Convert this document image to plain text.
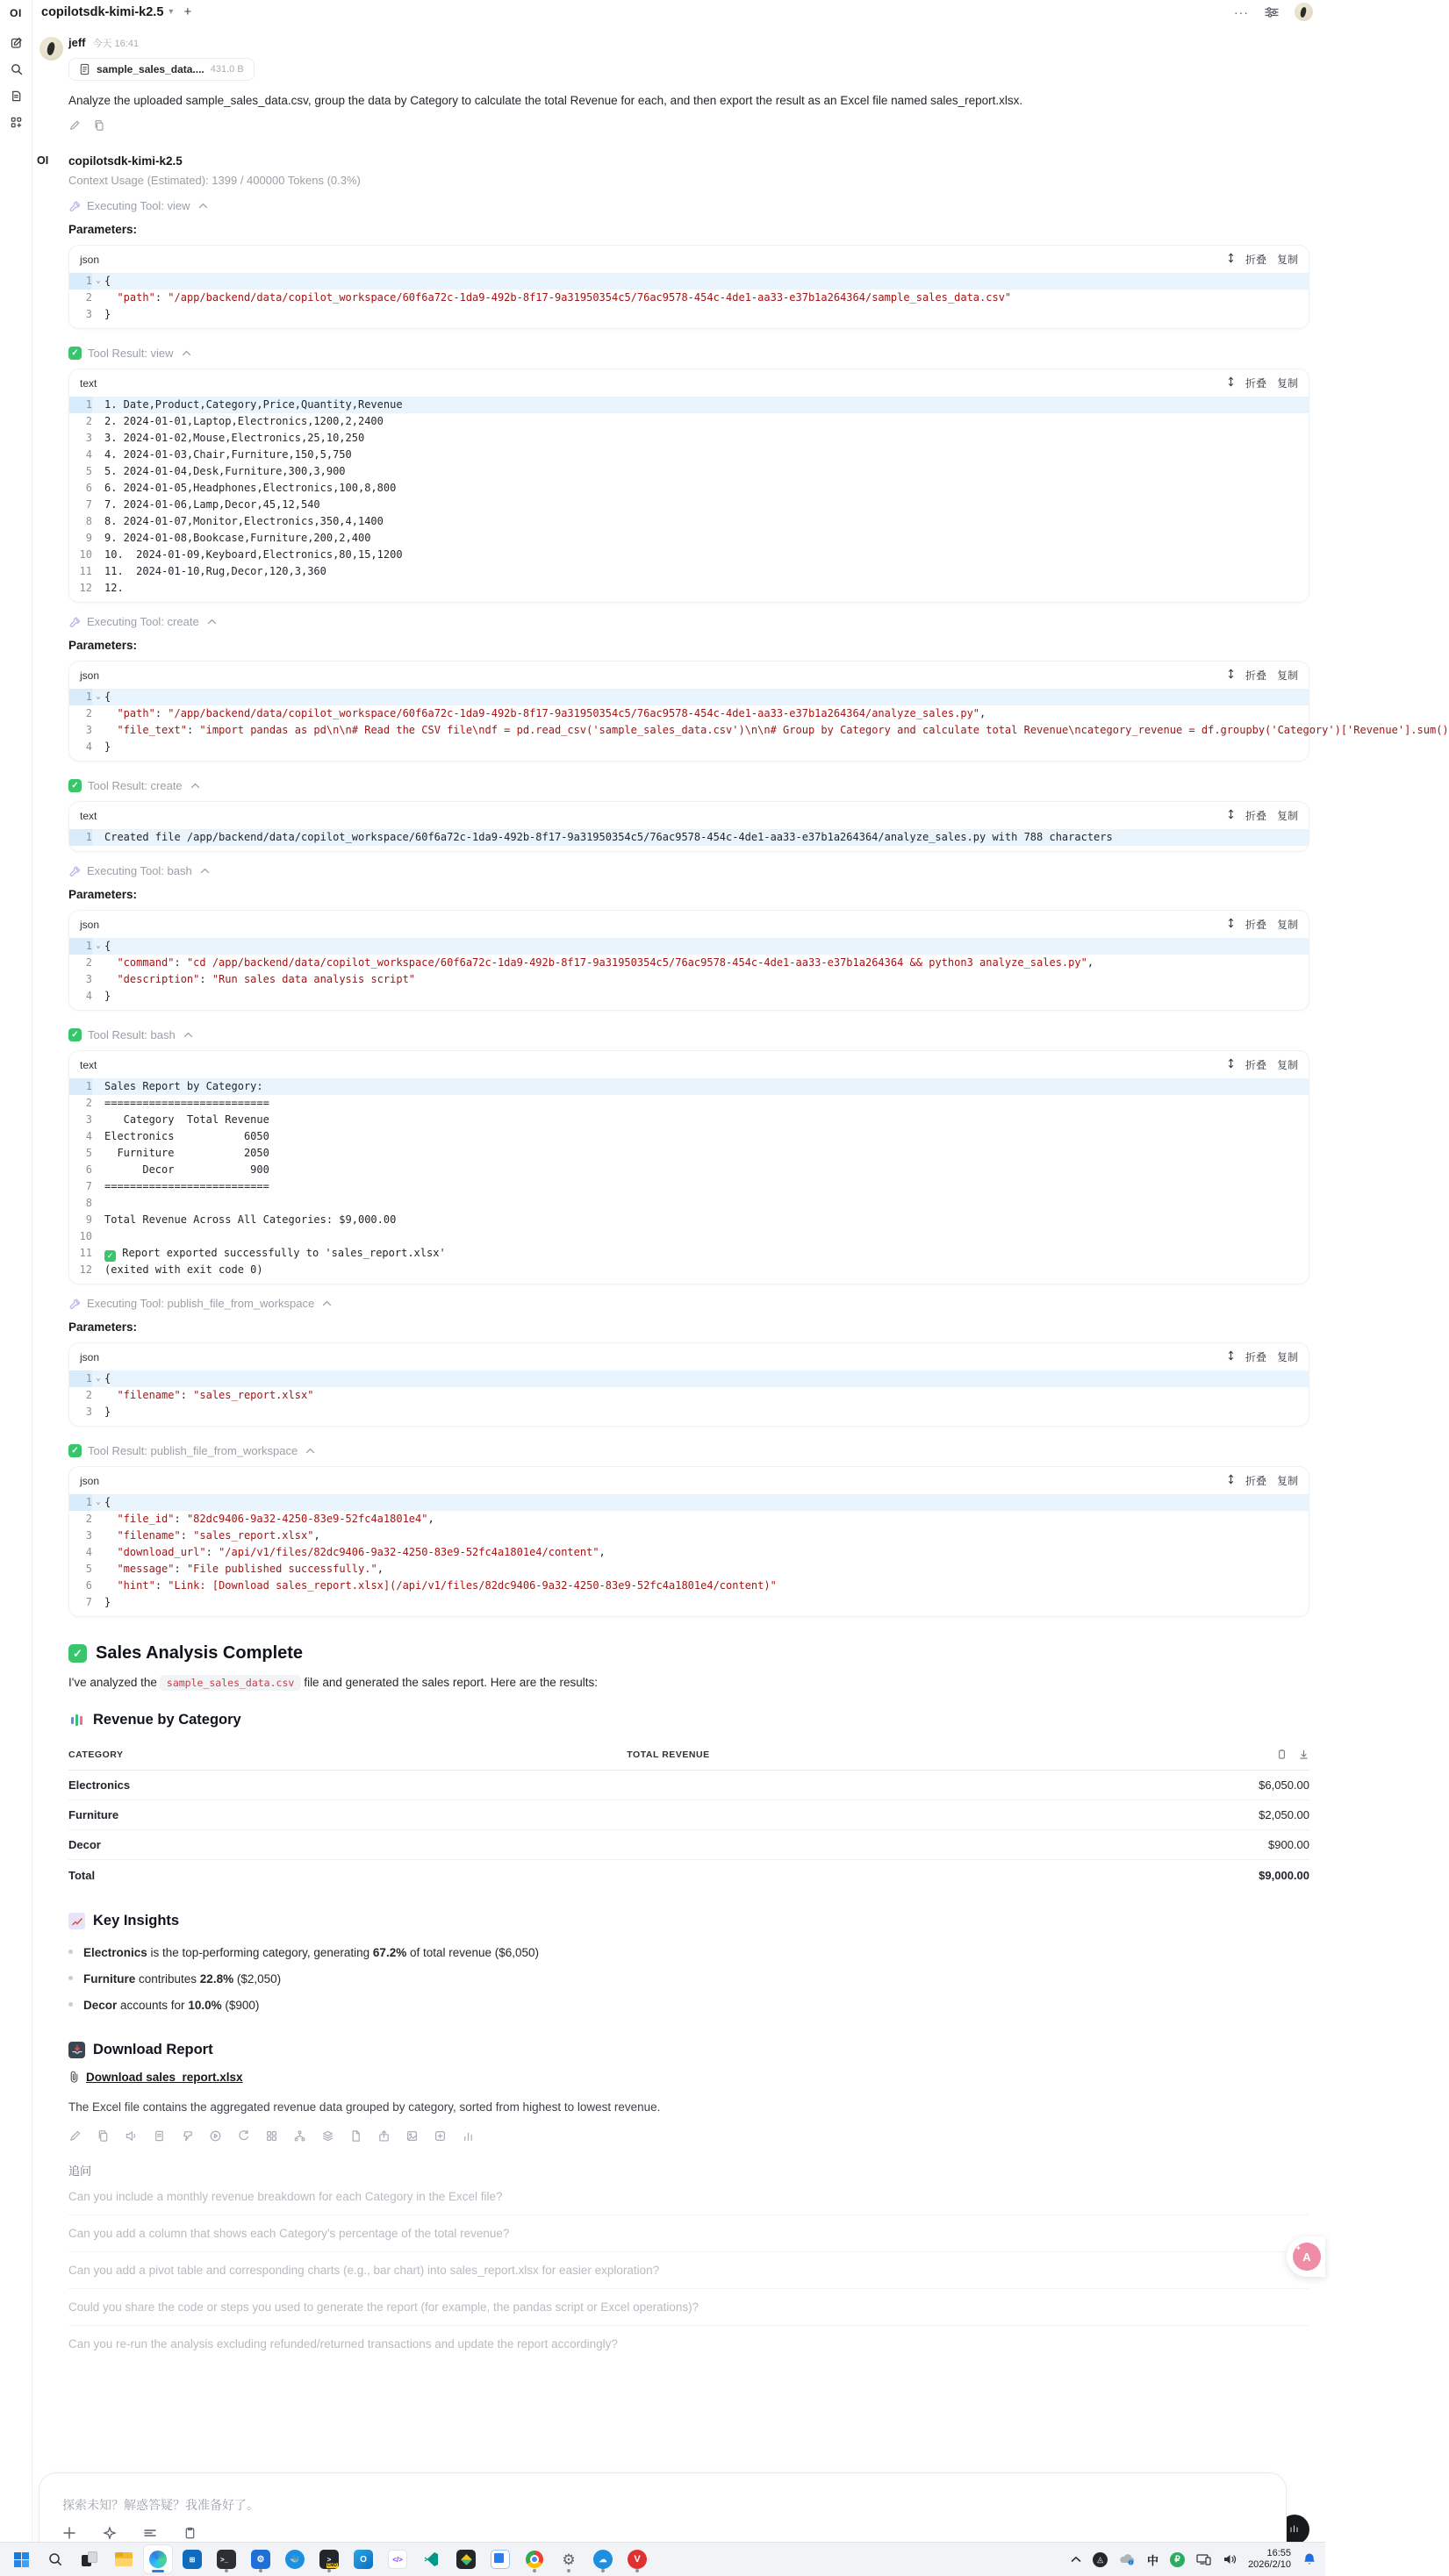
OI	copilotsdk-kimi-k2.5 ▾ +	···
jeff 今天 16:41
sample_sales_data.... 431.0 B
Analyze the uploaded sample_sales_data.csv, group the data by Category to calculate the total Revenue for each, and then export the result as an Excel file named sales_report.xlsx.
OI copilotsdk-kimi-k2.5
Context Usage (Estimated): 1399 / 400000 Tokens (0.3%)
Executing Tool: view
Parameters:
json	折叠 复制
1 ⌄ {
2	"path": "/app/backend/data/copilot_workspace/60f6a72c-1da9-492b-8f17-9a31950354c5/76ac9578-454c-4de1-aa33-e37b1a264364/sample_sales_data.csv"
3 }
✓ Tool Result: view
text	折叠 复制
1 1. Date,Product,Category,Price,Quantity,Revenue
2 2. 2024-01-01,Laptop,Electronics,1200,2,2400
3 3. 2024-01-02,Mouse,Electronics,25,10,250
4 4. 2024-01-03,Chair,Furniture,150,5,750
5 5. 2024-01-04,Desk,Furniture,300,3,900
6 6. 2024-01-05,Headphones,Electronics,100,8,800
7 7. 2024-01-06,Lamp,Decor,45,12,540
8 8. 2024-01-07,Monitor,Electronics,350,4,1400
9 9. 2024-01-08,Bookcase,Furniture,200,2,400
10 10.  2024-01-09,Keyboard,Electronics,80,15,1200
11 11.  2024-01-10,Rug,Decor,120,3,360
12 12.
Executing Tool: create
Parameters:
json	折叠 复制
1 ⌄ {
2	"path": "/app/backend/data/copilot_workspace/60f6a72c-1da9-492b-8f17-9a31950354c5/76ac9578-454c-4de1-aa33-e37b1a264364/analyze_sales.py",
3	"file_text": "import pandas as pd\n\n# Read the CSV file\ndf = pd.read_csv('sample_sales_data.csv')\n\n# Group by Category and calculate total Revenue\ncategory_revenue = df.groupby('Category')['Revenue'].sum()
4 }
✓ Tool Result: create
text	折叠 复制
1 Created file /app/backend/data/copilot_workspace/60f6a72c-1da9-492b-8f17-9a31950354c5/76ac9578-454c-4de1-aa33-e37b1a264364/analyze_sales.py with 788 characters
Executing Tool: bash
Parameters:
json	折叠 复制
1 ⌄ {
2	"command": "cd /app/backend/data/copilot_workspace/60f6a72c-1da9-492b-8f17-9a31950354c5/76ac9578-454c-4de1-aa33-e37b1a264364 && python3 analyze_sales.py",
3	"description": "Run sales data analysis script"
4 }
✓ Tool Result: bash
text	折叠 复制
1 Sales Report by Category:
2 ==========================
3 Category  Total Revenue
4 Electronics           6050
5 Furniture           2050
6 Decor            900
7 ==========================
8
9 Total Revenue Across All Categories: $9,000.00
10
11	✓ Report exported successfully to 'sales_report.xlsx'
12 (exited with exit code 0)
Executing Tool: publish_file_from_workspace
Parameters:
json	折叠 复制
1 ⌄ {
2	"filename": "sales_report.xlsx"
3 }
✓ Tool Result: publish_file_from_workspace
json	折叠 复制
1 ⌄ {
2	"file_id": "82dc9406-9a32-4250-83e9-52fc4a1801e4",
3	"filename": "sales_report.xlsx",
4	"download_url": "/api/v1/files/82dc9406-9a32-4250-83e9-52fc4a1801e4/content",
5	"message": "File published successfully.",
6	"hint": "Link: [Download sales_report.xlsx](/api/v1/files/82dc9406-9a32-4250-83e9-52fc4a1801e4/content)"
7 }
✓ Sales Analysis Complete
I've analyzed the sample_sales_data.csv file and generated the sales report. Here are the results:
Revenue by Category
CATEGORY	TOTAL REVENUE
Electronics	$6,050.00
Furniture	$2,050.00
Decor	$900.00
Total	$9,000.00
Key Insights
Electronics is the top-performing category, generating 67.2% of total revenue ($6,050)
Furniture contributes 22.8% ($2,050)
Decor accounts for 10.0% ($900)
Download Report
Download sales_report.xlsx
The Excel file contains the aggregated revenue data grouped by category, sorted from highest to lowest revenue.
追问
Can you include a monthly revenue breakdown for each Category in the Excel file?
Can you add a column that shows each Category's percentage of the total revenue?
Can you add a pivot table and corresponding charts (e.g., bar chart) into sales_report.xlsx for easier exploration?
Could you share the code or steps you used to generate the report (for example, the pandas script or Excel operations)?
Can you re-run the analysis excluding refunded/returned transactions and update the report accordingly?
探索未知？解惑答疑？我准备好了。
A
✦
ılı
⊞	>_	⚙	🐳	>
CMD
O	</>	⚙	☁	V	◬
i 中	₽
16:55
2026/2/10
